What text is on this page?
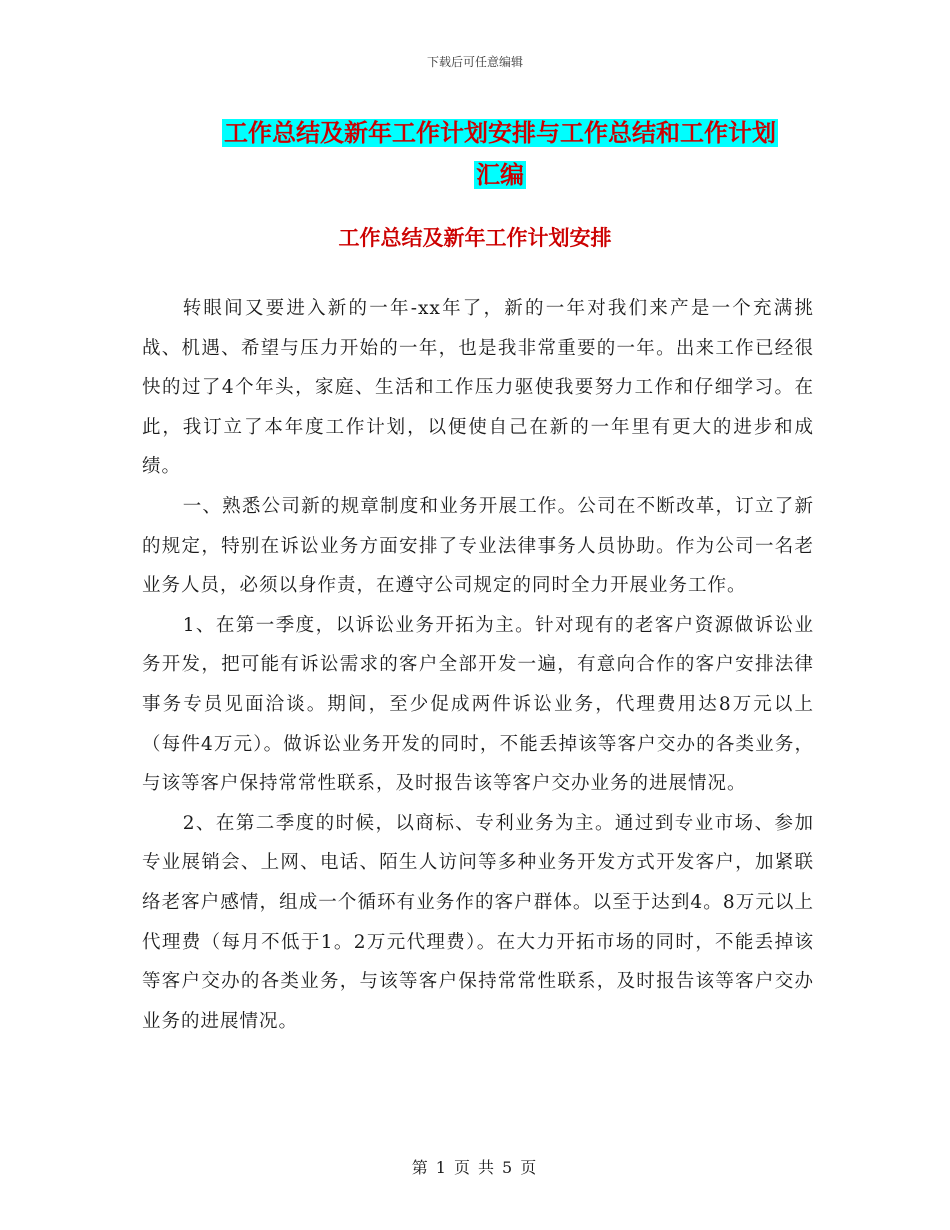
下载后可任意编辑
工作总结及新年工作计划安排与工作总结和工作计划
汇编
工作总结及新年工作计划安排

转眼间又要进入新的一年-xx年了，新的一年对我们来产是一个充满挑战、机遇、希望与压力开始的一年，也是我非常重要的一年。出来工作已经很快的过了4个年头，家庭、生活和工作压力驱使我要努力工作和仔细学习。在此，我订立了本年度工作计划，以便使自己在新的一年里有更大的进步和成绩。

一、熟悉公司新的规章制度和业务开展工作。公司在不断改革，订立了新的规定，特别在诉讼业务方面安排了专业法律事务人员协助。作为公司一名老业务人员，必须以身作责，在遵守公司规定的同时全力开展业务工作。

1、在第一季度，以诉讼业务开拓为主。针对现有的老客户资源做诉讼业务开发，把可能有诉讼需求的客户全部开发一遍，有意向合作的客户安排法律事务专员见面洽谈。期间，至少促成两件诉讼业务，代理费用达8万元以上（每件4万元）。做诉讼业务开发的同时，不能丢掉该等客户交办的各类业务，与该等客户保持常常性联系，及时报告该等客户交办业务的进展情况。

2、在第二季度的时候，以商标、专利业务为主。通过到专业市场、参加专业展销会、上网、电话、陌生人访问等多种业务开发方式开发客户，加紧联络老客户感情，组成一个循环有业务作的客户群体。以至于达到4。8万元以上代理费（每月不低于1。2万元代理费）。在大力开拓市场的同时，不能丢掉该等客户交办的各类业务，与该等客户保持常常性联系，及时报告该等客户交办业务的进展情况。

第 1 页 共 5 页
